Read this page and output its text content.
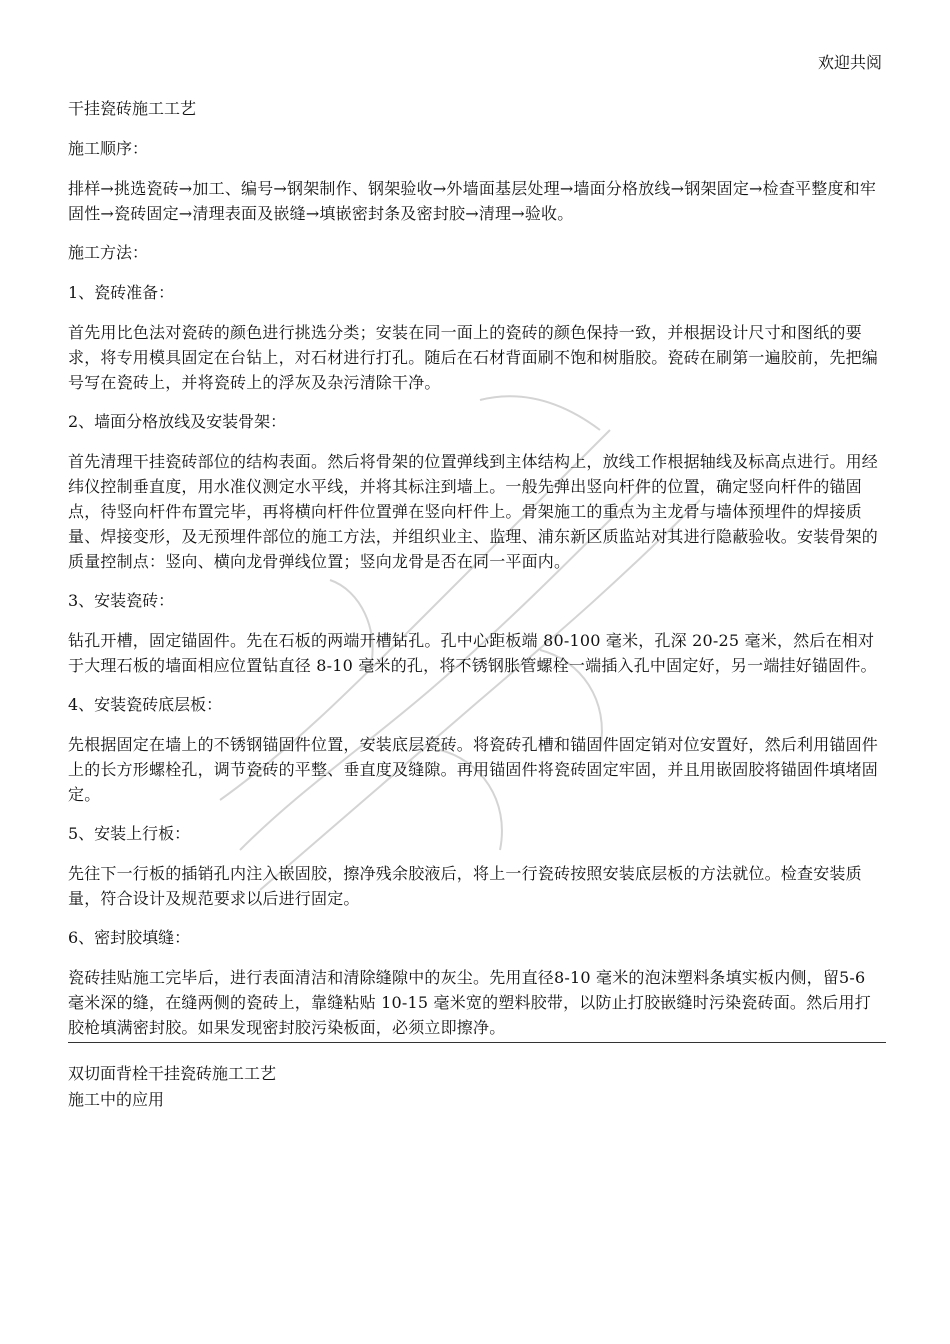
欢迎共阅

干挂瓷砖施工工艺

施工顺序：

排样→挑选瓷砖→加工、编号→钢架制作、钢架验收→外墙面基层处理→墙面分格放线→钢架固定→检查平整度和牢固性→瓷砖固定→清理表面及嵌缝→填嵌密封条及密封胶→清理→验收。

施工方法：

1、瓷砖准备：

首先用比色法对瓷砖的颜色进行挑选分类；安装在同一面上的瓷砖的颜色保持一致，并根据设计尺寸和图纸的要求，将专用模具固定在台钻上，对石材进行打孔。随后在石材背面刷不饱和树脂胶。瓷砖在刷第一遍胶前，先把编号写在瓷砖上，并将瓷砖上的浮灰及杂污清除干净。

2、墙面分格放线及安装骨架：

首先清理干挂瓷砖部位的结构表面。然后将骨架的位置弹线到主体结构上，放线工作根据轴线及标高点进行。用经纬仪控制垂直度，用水准仪测定水平线，并将其标注到墙上。一般先弹出竖向杆件的位置，确定竖向杆件的锚固点，待竖向杆件布置完毕，再将横向杆件位置弹在竖向杆件上。骨架施工的重点为主龙骨与墙体预埋件的焊接质量、焊接变形，及无预埋件部位的施工方法，并组织业主、监理、浦东新区质监站对其进行隐蔽验收。安装骨架的质量控制点：竖向、横向龙骨弹线位置；竖向龙骨是否在同一平面内。

3、安装瓷砖：

钻孔开槽，固定锚固件。先在石板的两端开槽钻孔。孔中心距板端 80-100 毫米，孔深 20-25 毫米，然后在相对于大理石板的墙面相应位置钻直径 8-10 毫米的孔，将不锈钢胀管螺栓一端插入孔中固定好，另一端挂好锚固件。

4、安装瓷砖底层板：

先根据固定在墙上的不锈钢锚固件位置，安装底层瓷砖。将瓷砖孔槽和锚固件固定销对位安置好，然后利用锚固件上的长方形螺栓孔，调节瓷砖的平整、垂直度及缝隙。再用锚固件将瓷砖固定牢固，并且用嵌固胶将锚固件填堵固定。

5、安装上行板：

先往下一行板的插销孔内注入嵌固胶，擦净残余胶液后，将上一行瓷砖按照安装底层板的方法就位。检查安装质量，符合设计及规范要求以后进行固定。

6、密封胶填缝：

瓷砖挂贴施工完毕后，进行表面清洁和清除缝隙中的灰尘。先用直径8-10 毫米的泡沫塑料条填实板内侧，留5-6 毫米深的缝，在缝两侧的瓷砖上，靠缝粘贴 10-15 毫米宽的塑料胶带，以防止打胶嵌缝时污染瓷砖面。然后用打胶枪填满密封胶。如果发现密封胶污染板面，必须立即擦净。

双切面背栓干挂瓷砖施工工艺

施工中的应用
